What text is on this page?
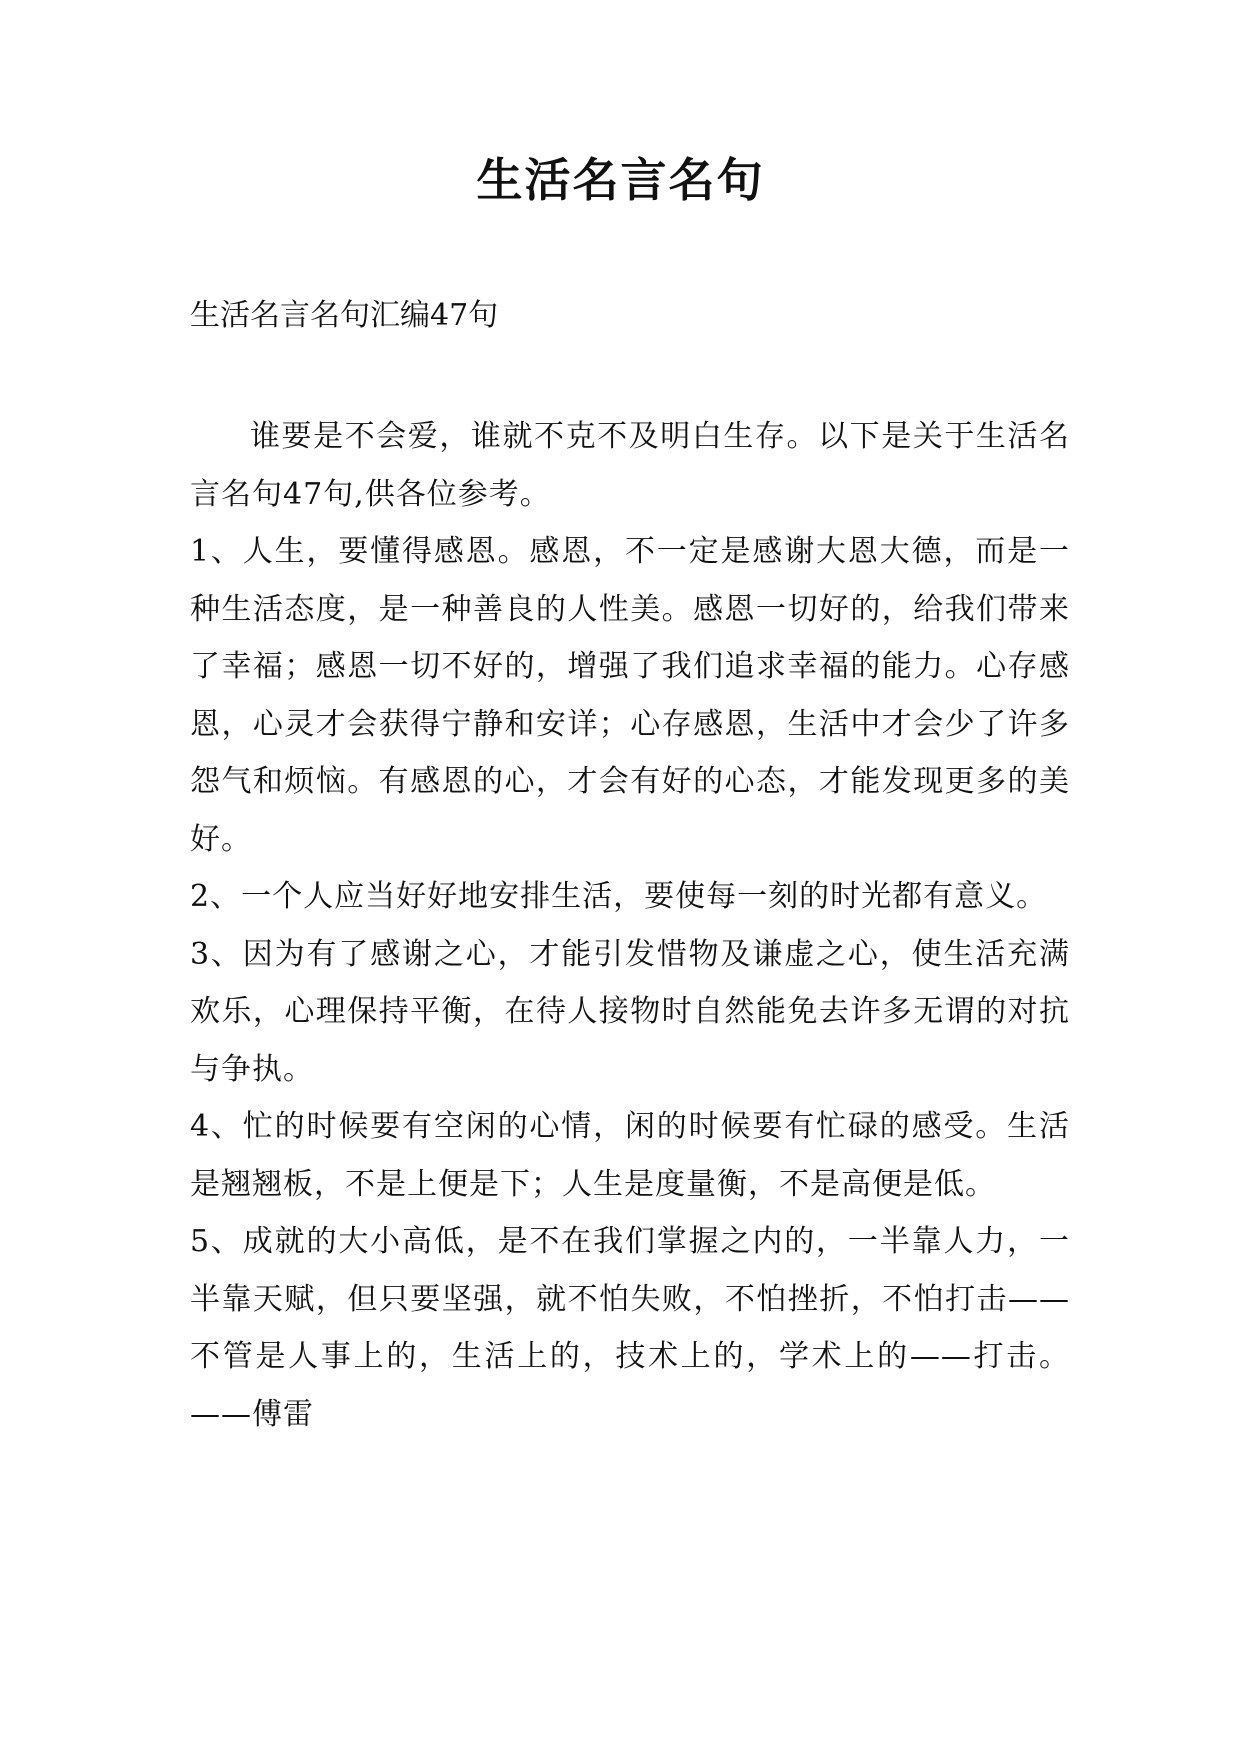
生活名言名句
生活名言名句汇编47句

谁要是不会爱，谁就不克不及明白生存。以下是关于生活名言名句47句,供各位参考。

1、人生，要懂得感恩。感恩，不一定是感谢大恩大德，而是一种生活态度，是一种善良的人性美。感恩一切好的，给我们带来了幸福；感恩一切不好的，增强了我们追求幸福的能力。心存感恩，心灵才会获得宁静和安详；心存感恩，生活中才会少了许多怨气和烦恼。有感恩的心，才会有好的心态，才能发现更多的美好。

2、一个人应当好好地安排生活，要使每一刻的时光都有意义。

3、因为有了感谢之心，才能引发惜物及谦虚之心，使生活充满欢乐，心理保持平衡，在待人接物时自然能免去许多无谓的对抗与争执。

4、忙的时候要有空闲的心情，闲的时候要有忙碌的感受。生活是翘翘板，不是上便是下；人生是度量衡，不是高便是低。

5、成就的大小高低，是不在我们掌握之内的，一半靠人力，一半靠天赋，但只要坚强，就不怕失败，不怕挫折，不怕打击——不管是人事上的，生活上的，技术上的，学术上的——打击。——傅雷
